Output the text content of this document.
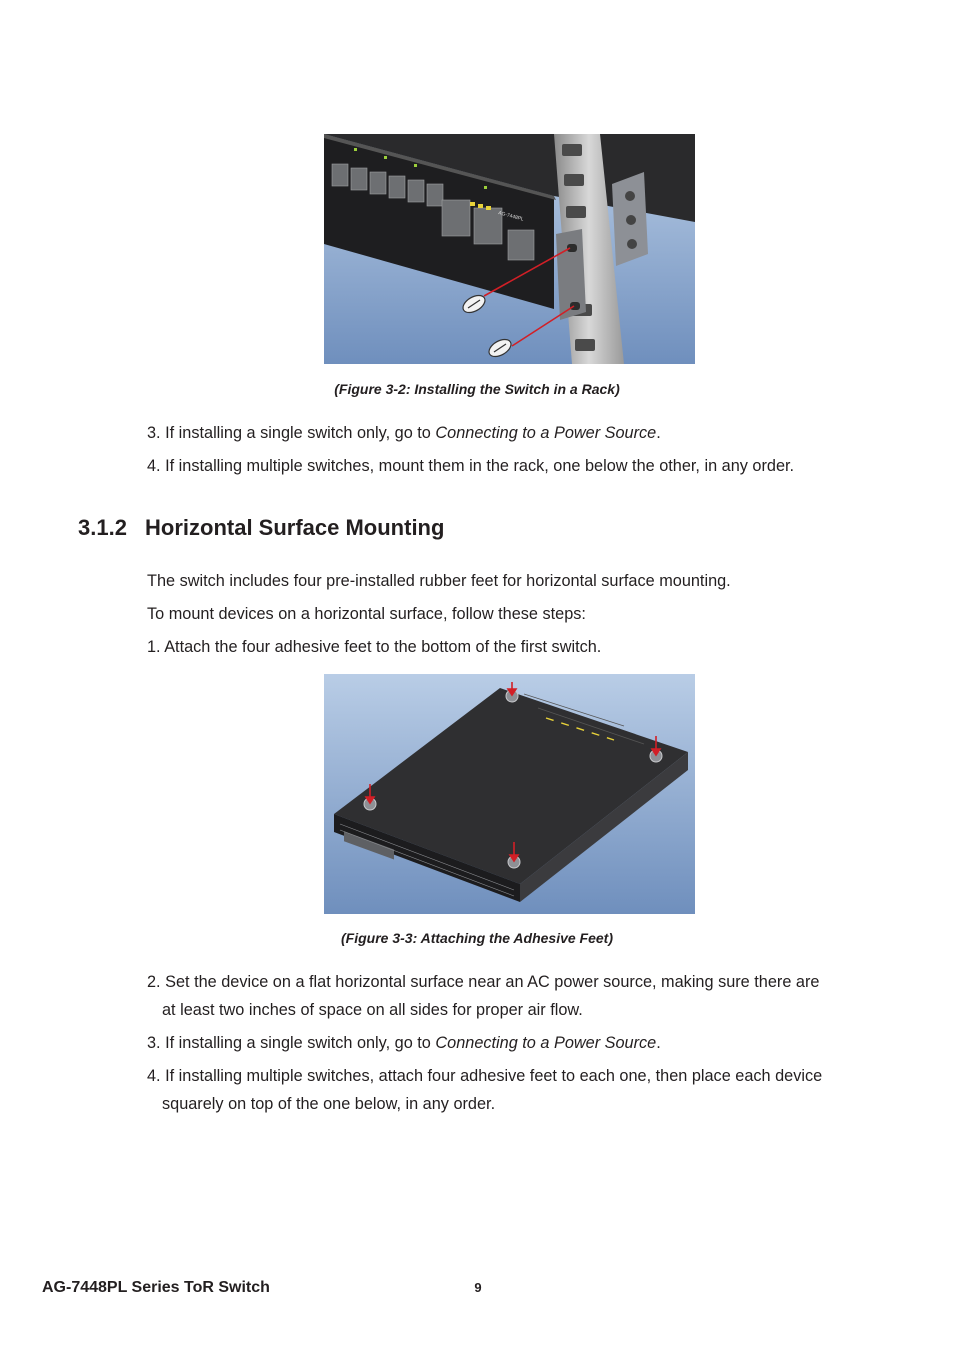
AG-7448PL
(Figure 3-2: Installing the Switch in a Rack)
3. If installing a single switch only, go to Connecting to a Power Source.
4. If installing multiple switches, mount them in the rack, one below the other, in any order.
3.1.2 Horizontal Surface Mounting
The switch includes four pre-installed rubber feet for horizontal surface mounting.
To mount devices on a horizontal surface, follow these steps:
1. Attach the four adhesive feet to the bottom of the first switch.
(Figure 3-3: Attaching the Adhesive Feet)
2. Set the device on a flat horizontal surface near an AC power source, making sure there are
at least two inches of space on all sides for proper air flow.
3. If installing a single switch only, go to Connecting to a Power Source.
4. If installing multiple switches, attach four adhesive feet to each one, then place each device
squarely on top of the one below, in any order.
AG-7448PL Series ToR Switch	9
